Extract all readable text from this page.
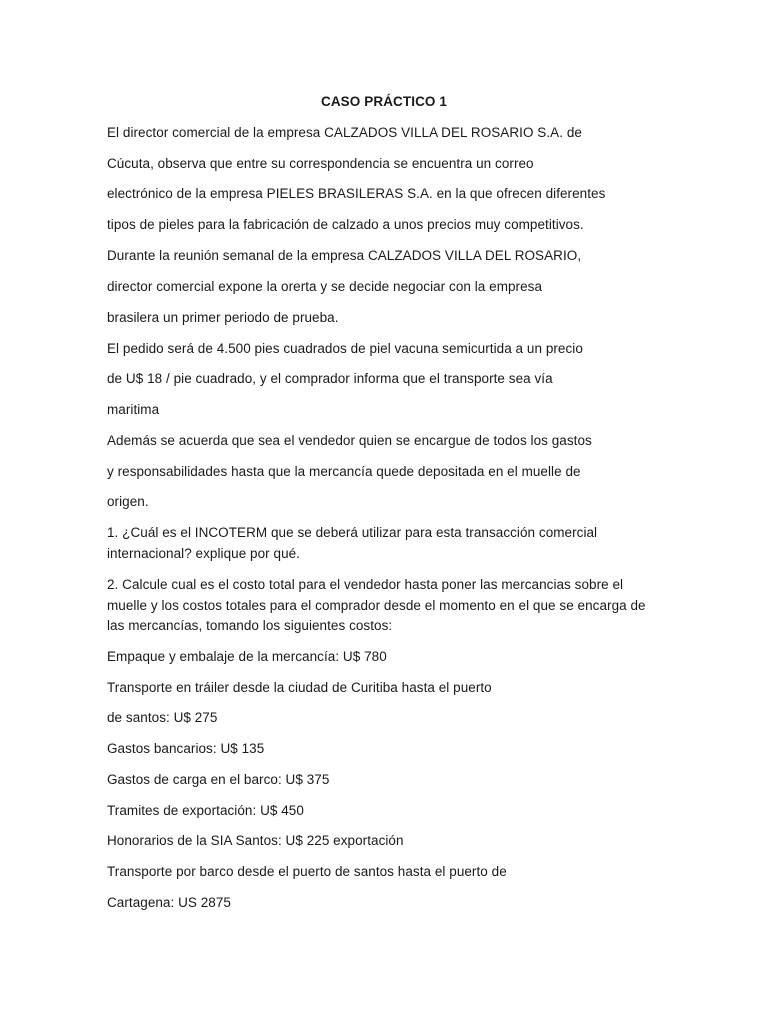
CASO PRÁCTICO 1
El director comercial de la empresa CALZADOS VILLA DEL ROSARIO S.A. de
Cúcuta, observa que entre su correspondencia se encuentra un correo
electrónico de la empresa PIELES BRASILERAS S.A. en la que ofrecen diferentes
tipos de pieles para la fabricación de calzado a unos precios muy competitivos.
Durante la reunión semanal de la empresa CALZADOS VILLA DEL ROSARIO,
director comercial expone la orerta y se decide negociar con la empresa
brasilera un primer periodo de prueba.
El pedido será de 4.500 pies cuadrados de piel vacuna semicurtida a un precio
de U$ 18 / pie cuadrado, y el comprador informa que el transporte sea vía
maritima
Además se acuerda que sea el vendedor quien se encargue de todos los gastos
y responsabilidades hasta que la mercancía quede depositada en el muelle de
origen.
1. ¿Cuál es el INCOTERM que se deberá utilizar para esta transacción comercial
internacional? explique por qué.
2. Calcule cual es el costo total para el vendedor hasta poner las mercancias sobre el
muelle y los costos totales para el comprador desde el momento en el que se encarga de
las mercancías, tomando los siguientes costos:
Empaque y embalaje de la mercancía: U$ 780
Transporte en tráiler desde la ciudad de Curitiba hasta el puerto
de santos: U$ 275
Gastos bancarios: U$ 135
Gastos de carga en el barco: U$ 375
Tramites de exportación: U$ 450
Honorarios de la SIA Santos: U$ 225 exportación
Transporte por barco desde el puerto de santos hasta el puerto de
Cartagena: US 2875
